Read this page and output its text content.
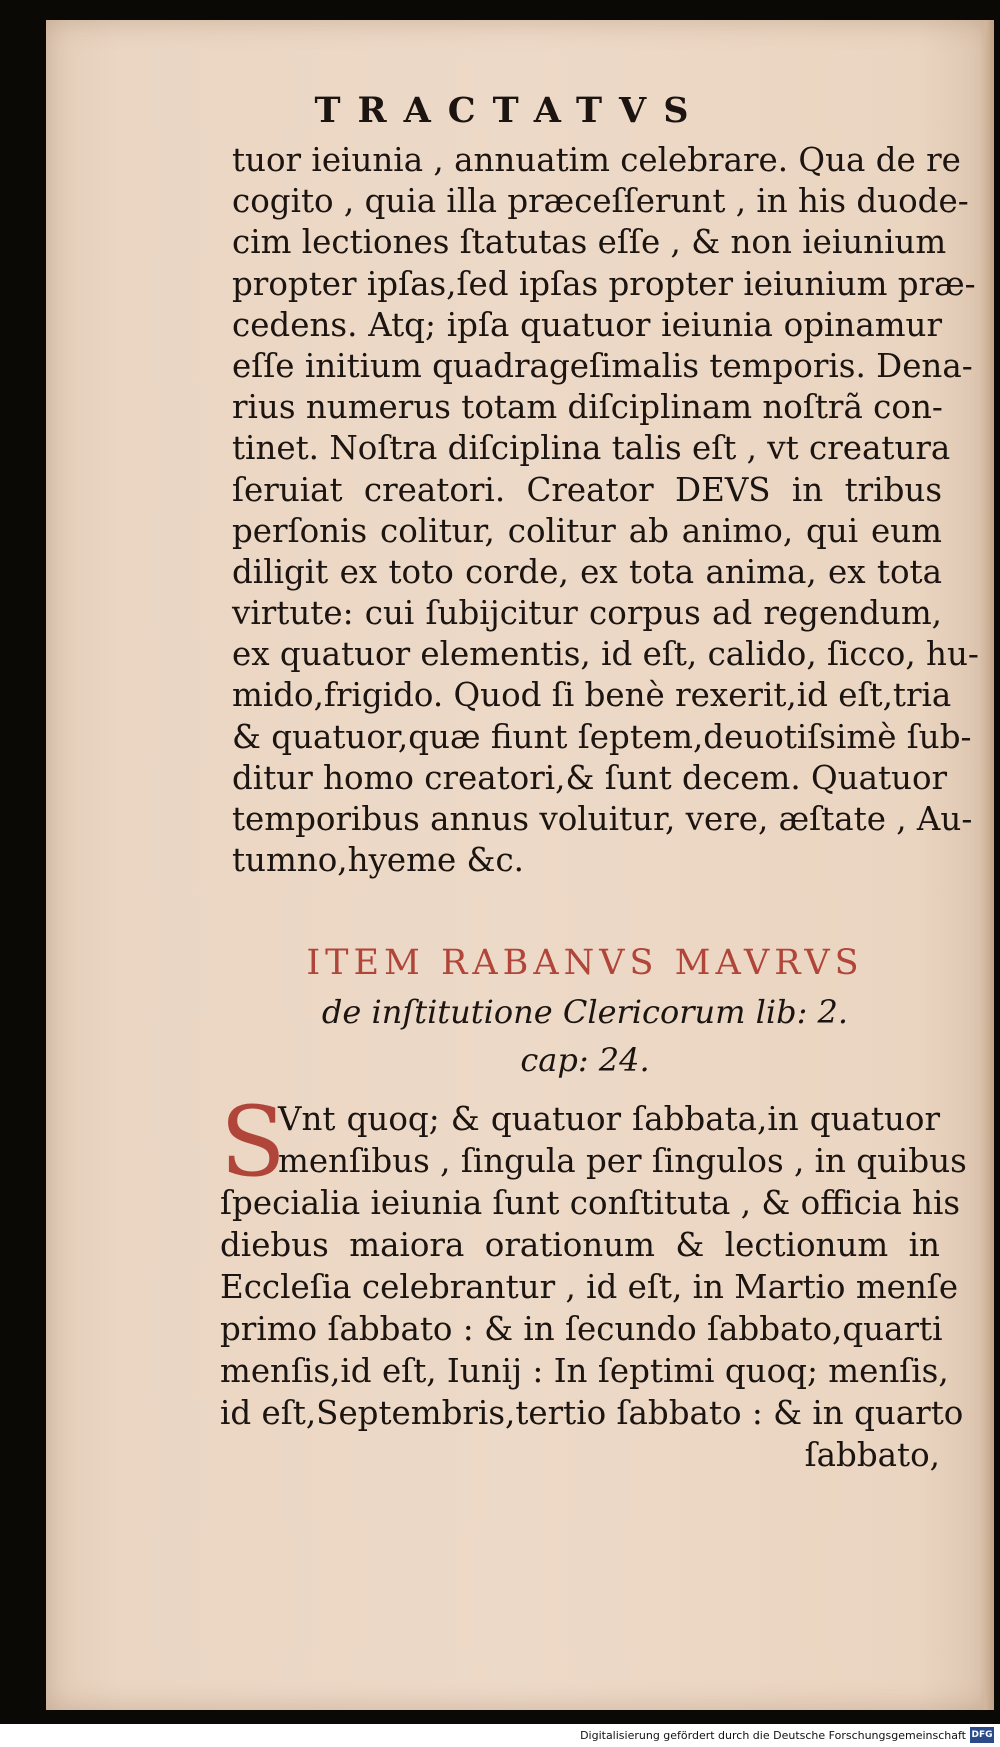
TRACTATVS
tuor ieiunia , annuatim celebrare. Qua de re
cogito , quia illa præceſſerunt , in his duode-
cim lectiones ſtatutas eſſe , & non ieiunium
propter ipſas,ſed ipſas propter ieiunium præ-
cedens. Atq; ipſa quatuor ieiunia opinamur
eſſe initium quadrageſimalis temporis. Dena-
rius numerus totam diſciplinam noſtrã con-
tinet. Noſtra diſciplina talis eſt , vt creatura
ſeruiat creatori. Creator DEVS in tribus
perſonis colitur, colitur ab animo, qui eum
diligit ex toto corde, ex tota anima, ex tota
virtute: cui ſubijcitur corpus ad regendum,
ex quatuor elementis, id eſt, calido, ſicco, hu-
mido,frigido. Quod ſi benè rexerit,id eſt,tria
& quatuor,quæ fiunt ſeptem,deuotiſsimè ſub-
ditur homo creatori,& ſunt decem. Quatuor
temporibus annus voluitur, vere, æſtate , Au-
tumno,hyeme &c.
ITEM RABANVS MAVRVS
de inſtitutione Clericorum lib: 2.
cap: 24.
S
Vnt quoq; & quatuor ſabbata,in quatuor
menſibus , ſingula per ſingulos , in quibus
ſpecialia ieiunia ſunt conſtituta , & officia his
diebus maiora orationum & lectionum in
Eccleſia celebrantur , id eſt, in Martio menſe
primo ſabbato : & in ſecundo ſabbato,quarti
menſis,id eſt, Iunij : In ſeptimi quoq; menſis,
id eſt,Septembris,tertio ſabbato : & in quarto
ſabbato,
Digitalisierung gefördert durch die Deutsche Forschungsgemeinschaft DFG
